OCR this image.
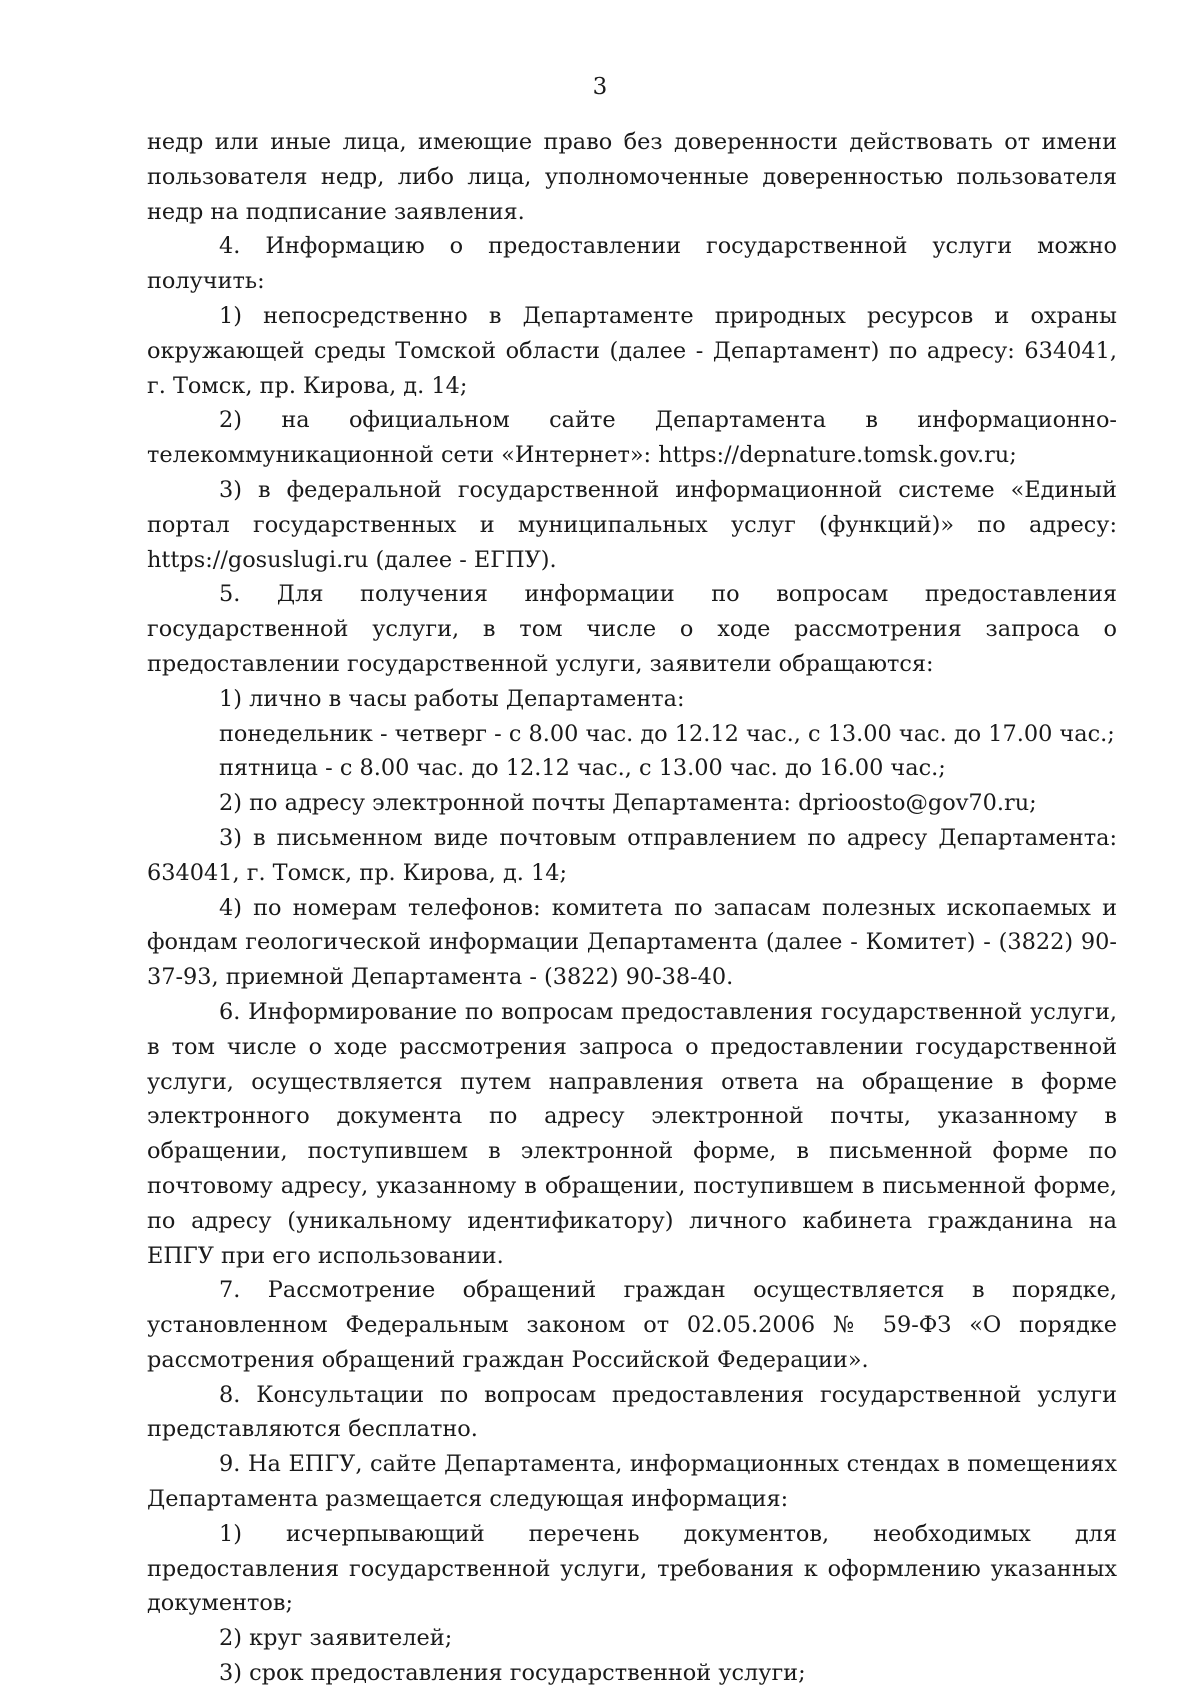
3

недр или иные лица, имеющие право без доверенности действовать от имени пользователя недр, либо лица, уполномоченные доверенностью пользователя недр на подписание заявления.

4. Информацию о предоставлении государственной услуги можно получить:

1) непосредственно в Департаменте природных ресурсов и охраны окружающей среды Томской области (далее - Департамент) по адресу: 634041, г. Томск, пр. Кирова, д. 14;

2) на официальном сайте Департамента в информационно-телекоммуникационной сети «Интернет»: https://depnature.tomsk.gov.ru;

3) в федеральной государственной информационной системе «Единый портал государственных и муниципальных услуг (функций)» по адресу: https://gosuslugi.ru (далее - ЕГПУ).

5. Для получения информации по вопросам предоставления государственной услуги, в том числе о ходе рассмотрения запроса о предоставлении государственной услуги, заявители обращаются:

1) лично в часы работы Департамента:

понедельник - четверг - с 8.00 час. до 12.12 час., с 13.00 час. до 17.00 час.;

пятница - с 8.00 час. до 12.12 час., с 13.00 час. до 16.00 час.;

2) по адресу электронной почты Департамента: dprioosto@gov70.ru;

3) в письменном виде почтовым отправлением по адресу Департамента: 634041, г. Томск, пр. Кирова, д. 14;

4) по номерам телефонов: комитета по запасам полезных ископаемых и фондам геологической информации Департамента (далее - Комитет) - (3822) 90-37-93, приемной Департамента - (3822) 90-38-40.

6. Информирование по вопросам предоставления государственной услуги, в том числе о ходе рассмотрения запроса о предоставлении государственной услуги, осуществляется путем направления ответа на обращение в форме электронного документа по адресу электронной почты, указанному в обращении, поступившем в электронной форме, в письменной форме по почтовому адресу, указанному в обращении, поступившем в письменной форме, по адресу (уникальному идентификатору) личного кабинета гражданина на ЕПГУ при его использовании.

7. Рассмотрение обращений граждан осуществляется в порядке, установленном Федеральным законом от 02.05.2006 № 59-ФЗ «О порядке рассмотрения обращений граждан Российской Федерации».

8. Консультации по вопросам предоставления государственной услуги представляются бесплатно.

9. На ЕПГУ, сайте Департамента, информационных стендах в помещениях Департамента размещается следующая информация:

1) исчерпывающий перечень документов, необходимых для предоставления государственной услуги, требования к оформлению указанных документов;

2) круг заявителей;

3) срок предоставления государственной услуги;
